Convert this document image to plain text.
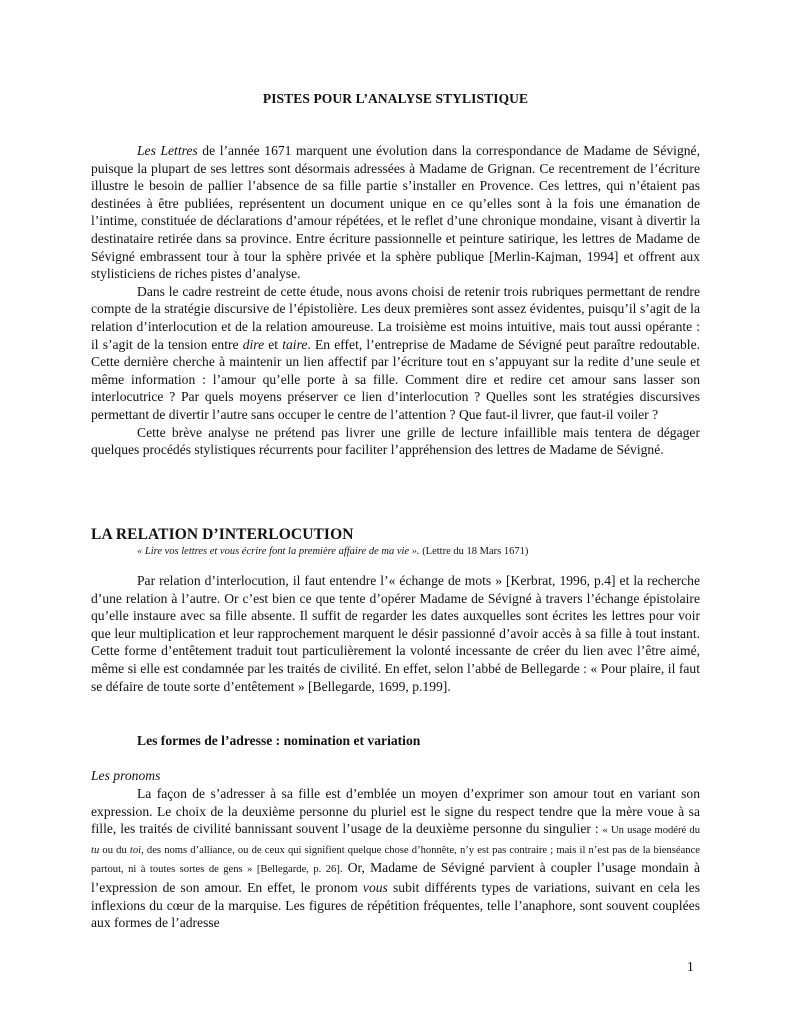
PISTES POUR L’ANALYSE STYLISTIQUE

Les Lettres de l’année 1671 marquent une évolution dans la correspondance de Madame de Sévigné, puisque la plupart de ses lettres sont désormais adressées à Madame de Grignan. Ce recentrement de l’écriture illustre le besoin de pallier l’absence de sa fille partie s’installer en Provence. Ces lettres, qui n’étaient pas destinées à être publiées, représentent un document unique en ce qu’elles sont à la fois une émanation de l’intime, constituée de déclarations d’amour répétées, et le reflet d’une chronique mondaine, visant à divertir la destinataire retirée dans sa province. Entre écriture passionnelle et peinture satirique, les lettres de Madame de Sévigné embrassent tour à tour la sphère privée et la sphère publique [Merlin-Kajman, 1994] et offrent aux stylisticiens de riches pistes d’analyse.

Dans le cadre restreint de cette étude, nous avons choisi de retenir trois rubriques permettant de rendre compte de la stratégie discursive de l’épistolière. Les deux premières sont assez évidentes, puisqu’il s’agit de la relation d’interlocution et de la relation amoureuse. La troisième est moins intuitive, mais tout aussi opérante : il s’agit de la tension entre dire et taire. En effet, l’entreprise de Madame de Sévigné peut paraître redoutable. Cette dernière cherche à maintenir un lien affectif par l’écriture tout en s’appuyant sur la redite d’une seule et même information : l’amour qu’elle porte à sa fille. Comment dire et redire cet amour sans lasser son interlocutrice ? Par quels moyens préserver ce lien d’interlocution ? Quelles sont les stratégies discursives permettant de divertir l’autre sans occuper le centre de l’attention ? Que faut-il livrer, que faut-il voiler ?

Cette brève analyse ne prétend pas livrer une grille de lecture infaillible mais tentera de dégager quelques procédés stylistiques récurrents pour faciliter l’appréhension des lettres de Madame de Sévigné.

LA RELATION D’INTERLOCUTION
« Lire vos lettres et vous écrire font la première affaire de ma vie ». (Lettre du 18 Mars 1671)

Par relation d’interlocution, il faut entendre l’« échange de mots » [Kerbrat, 1996, p.4] et la recherche d’une relation à l’autre. Or c’est bien ce que tente d’opérer Madame de Sévigné à travers l’échange épistolaire qu’elle instaure avec sa fille absente. Il suffit de regarder les dates auxquelles sont écrites les lettres pour voir que leur multiplication et leur rapprochement marquent le désir passionné d’avoir accès à sa fille à tout instant. Cette forme d’entêtement traduit tout particulièrement la volonté incessante de créer du lien avec l’être aimé, même si elle est condamnée par les traités de civilité. En effet, selon l’abbé de Bellegarde : « Pour plaire, il faut se défaire de toute sorte d’entêtement » [Bellegarde, 1699, p.199].

Les formes de l’adresse : nomination et variation
Les pronoms

La façon de s’adresser à sa fille est d’emblée un moyen d’exprimer son amour tout en variant son expression. Le choix de la deuxième personne du pluriel est le signe du respect tendre que la mère voue à sa fille, les traités de civilité bannissant souvent l’usage de la deuxième personne du singulier : « Un usage modéré du tu ou du toi, des noms d’alliance, ou de ceux qui signifient quelque chose d’honnête, n’y est pas contraire ; mais il n’est pas de la bienséance partout, ni à toutes sortes de gens » [Bellegarde, p. 26]. Or, Madame de Sévigné parvient à coupler l’usage mondain à l’expression de son amour. En effet, le pronom vous subit différents types de variations, suivant en cela les inflexions du cœur de la marquise. Les figures de répétition fréquentes, telle l’anaphore, sont souvent couplées aux formes de l’adresse

1
